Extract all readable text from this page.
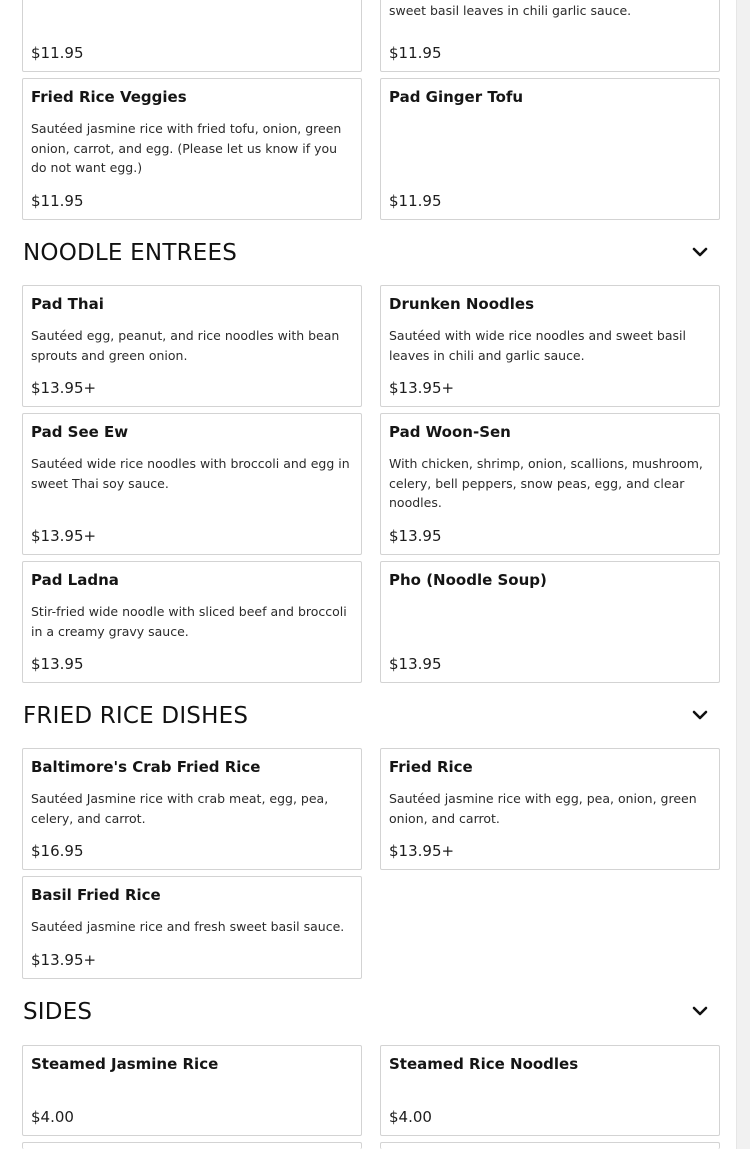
$11.95
sweet basil leaves in chili garlic sauce.
$11.95
Fried Rice Veggies
Sautéed jasmine rice with fried tofu, onion, green onion, carrot, and egg. (Please let us know if you do not want egg.)
$11.95
Pad Ginger Tofu
$11.95
NOODLE ENTREES
Pad Thai
Sautéed egg, peanut, and rice noodles with bean sprouts and green onion.
$13.95+
Drunken Noodles
Sautéed with wide rice noodles and sweet basil leaves in chili and garlic sauce.
$13.95+
Pad See Ew
Sautéed wide rice noodles with broccoli and egg in sweet Thai soy sauce.
$13.95+
Pad Woon-Sen
With chicken, shrimp, onion, scallions, mushroom, celery, bell peppers, snow peas, egg, and clear noodles.
$13.95
Pad Ladna
Stir-fried wide noodle with sliced beef and broccoli in a creamy gravy sauce.
$13.95
Pho (Noodle Soup)
$13.95
FRIED RICE DISHES
Baltimore's Crab Fried Rice
Sautéed Jasmine rice with crab meat, egg, pea, celery, and carrot.
$16.95
Fried Rice
Sautéed jasmine rice with egg, pea, onion, green onion, and carrot.
$13.95+
Basil Fried Rice
Sautéed jasmine rice and fresh sweet basil sauce.
$13.95+
SIDES
Steamed Jasmine Rice
$4.00
Steamed Rice Noodles
$4.00
